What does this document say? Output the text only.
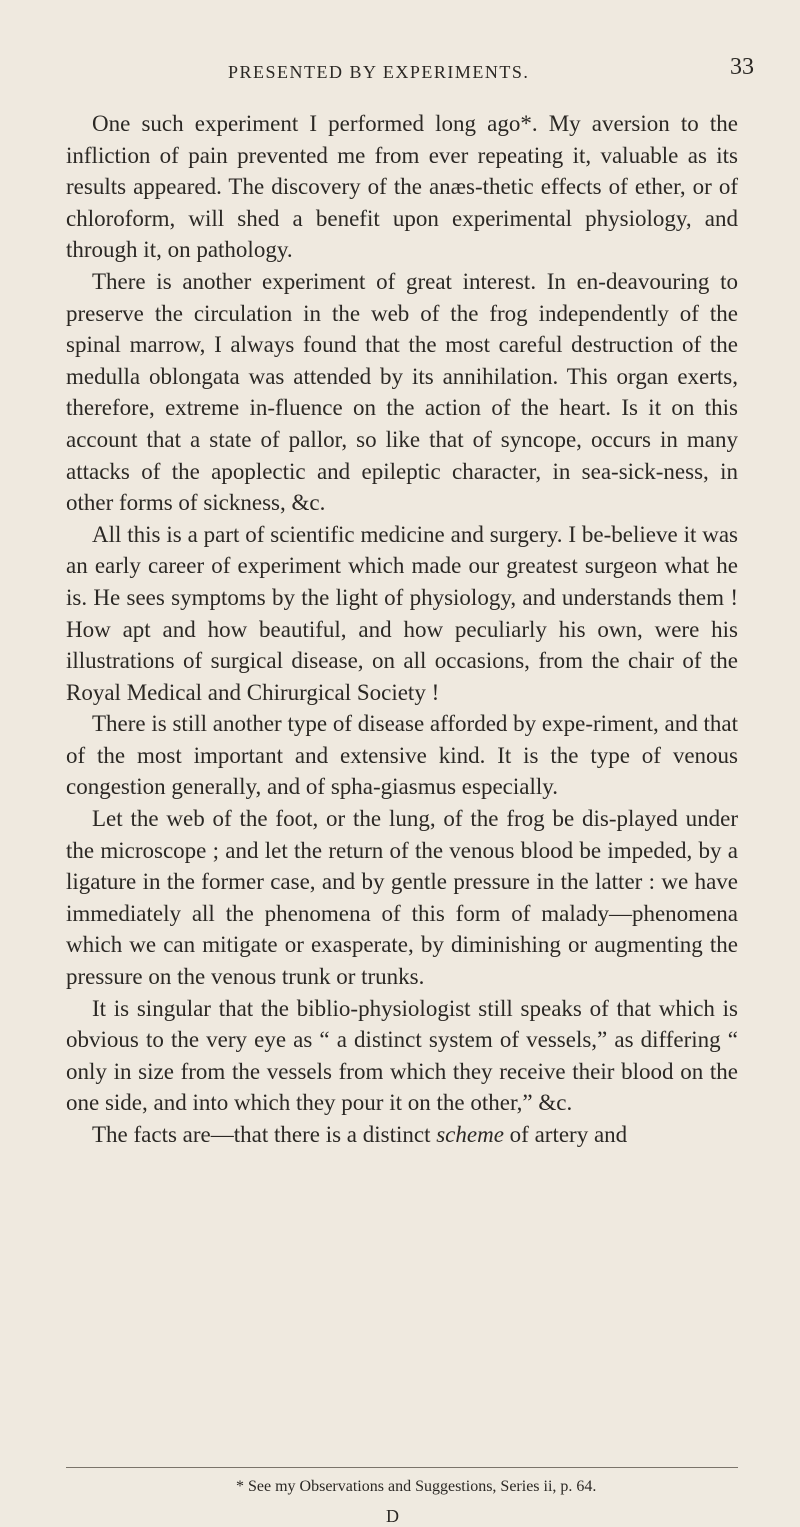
PRESENTED BY EXPERIMENTS.	33

One such experiment I performed long ago*. My aversion to the infliction of pain prevented me from ever repeating it, valuable as its results appeared. The discovery of the anæs-thetic effects of ether, or of chloroform, will shed a benefit upon experimental physiology, and through it, on pathology.

There is another experiment of great interest. In en-deavouring to preserve the circulation in the web of the frog independently of the spinal marrow, I always found that the most careful destruction of the medulla oblongata was attended by its annihilation. This organ exerts, therefore, extreme in-fluence on the action of the heart. Is it on this account that a state of pallor, so like that of syncope, occurs in many attacks of the apoplectic and epileptic character, in sea-sick-ness, in other forms of sickness, &c.

All this is a part of scientific medicine and surgery. I be-believe it was an early career of experiment which made our greatest surgeon what he is. He sees symptoms by the light of physiology, and understands them ! How apt and how beautiful, and how peculiarly his own, were his illustrations of surgical disease, on all occasions, from the chair of the Royal Medical and Chirurgical Society !

There is still another type of disease afforded by expe-riment, and that of the most important and extensive kind. It is the type of venous congestion generally, and of spha-giasmus especially.

Let the web of the foot, or the lung, of the frog be dis-played under the microscope ; and let the return of the venous blood be impeded, by a ligature in the former case, and by gentle pressure in the latter : we have immediately all the phenomena of this form of malady—phenomena which we can mitigate or exasperate, by diminishing or augmenting the pressure on the venous trunk or trunks.

It is singular that the biblio-physiologist still speaks of that which is obvious to the very eye as “ a distinct system of vessels,” as differing “ only in size from the vessels from which they receive their blood on the one side, and into which they pour it on the other,” &c.

The facts are—that there is a distinct scheme of artery and

* See my Observations and Suggestions, Series ii, p. 64.
D
